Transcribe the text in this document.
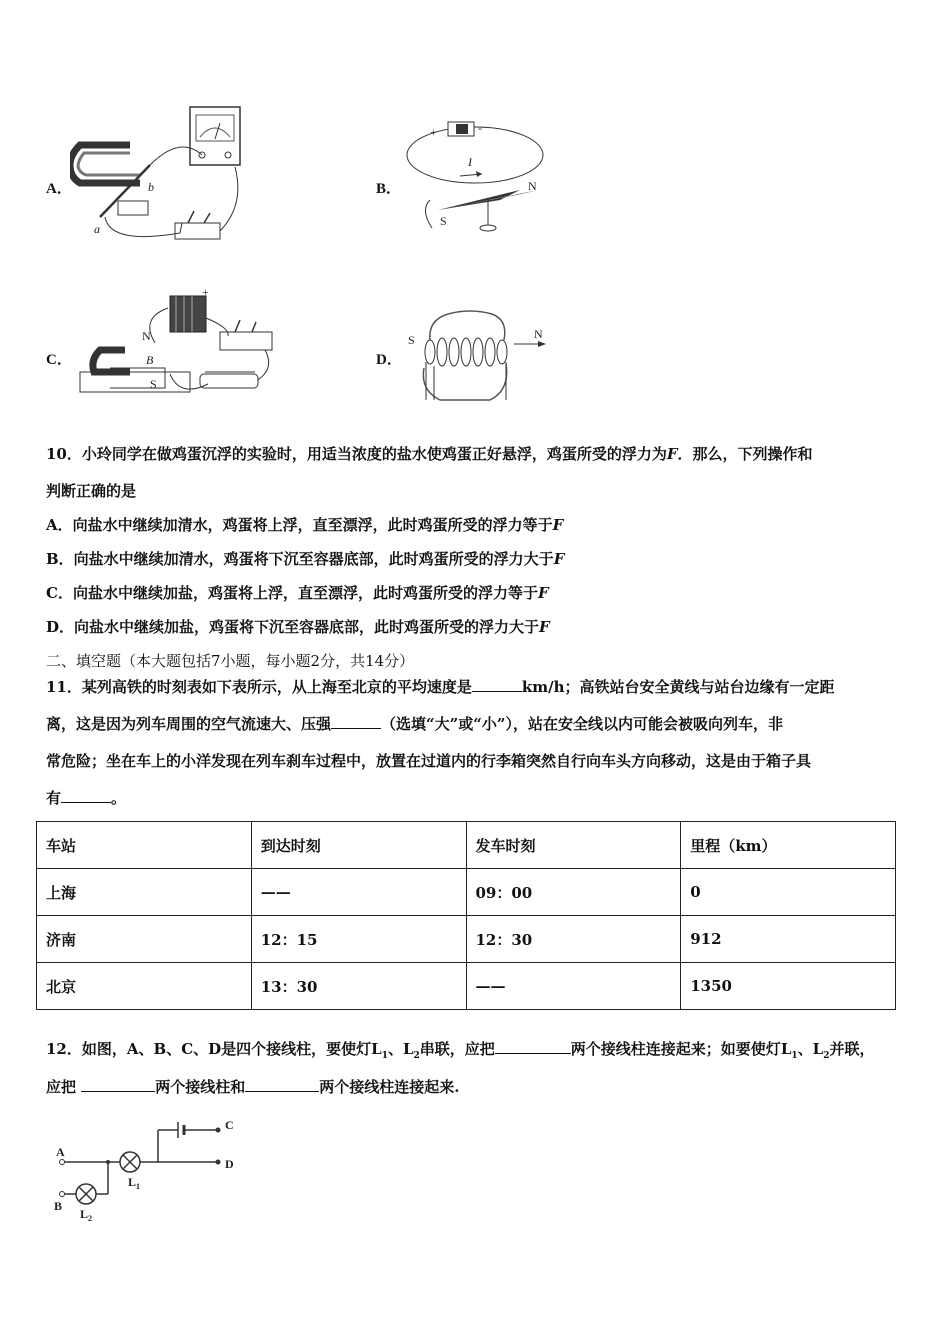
A．	b
a
B．
+	-
I
S
N
C．
+
N
B
S
D．
S	N
10．小玲同学在做鸡蛋沉浮的实验时，用适当浓度的盐水使鸡蛋正好悬浮，鸡蛋所受的浮力为F．那么，下列操作和
判断正确的是
A．向盐水中继续加清水，鸡蛋将上浮，直至漂浮，此时鸡蛋所受的浮力等于F
B．向盐水中继续加清水，鸡蛋将下沉至容器底部，此时鸡蛋所受的浮力大于F
C．向盐水中继续加盐，鸡蛋将上浮，直至漂浮，此时鸡蛋所受的浮力等于F
D．向盐水中继续加盐，鸡蛋将下沉至容器底部，此时鸡蛋所受的浮力大于F
二、填空题（本大题包括7小题，每小题2分，共14分）
11．某列高铁的时刻表如下表所示，从上海至北京的平均速度是	km/h；高铁站台安全黄线与站台边缘有一定距
离，这是因为列车周围的空气流速大、压强	（选填“大”或“小”），站在安全线以内可能会被吸向列车，非
常危险；坐在车上的小洋发现在列车刹车过程中，放置在过道内的行李箱突然自行向车头方向移动，这是由于箱子具
有	。
车站	到达时刻	发车时刻	里程（km）
上海	——	09：00	0
济南	12：15	12：30	912
北京	13：30	——	1350
12．如图，A、B、C、D是四个接线柱，要使灯$L_1$、$L_2$串联，应把	两个接线柱连接起来；如要使灯$L_1$、$L_2$并联，
应把	两个接线柱和	两个接线柱连接起来.
C
A
D
$L_1$
B
$L_2$
